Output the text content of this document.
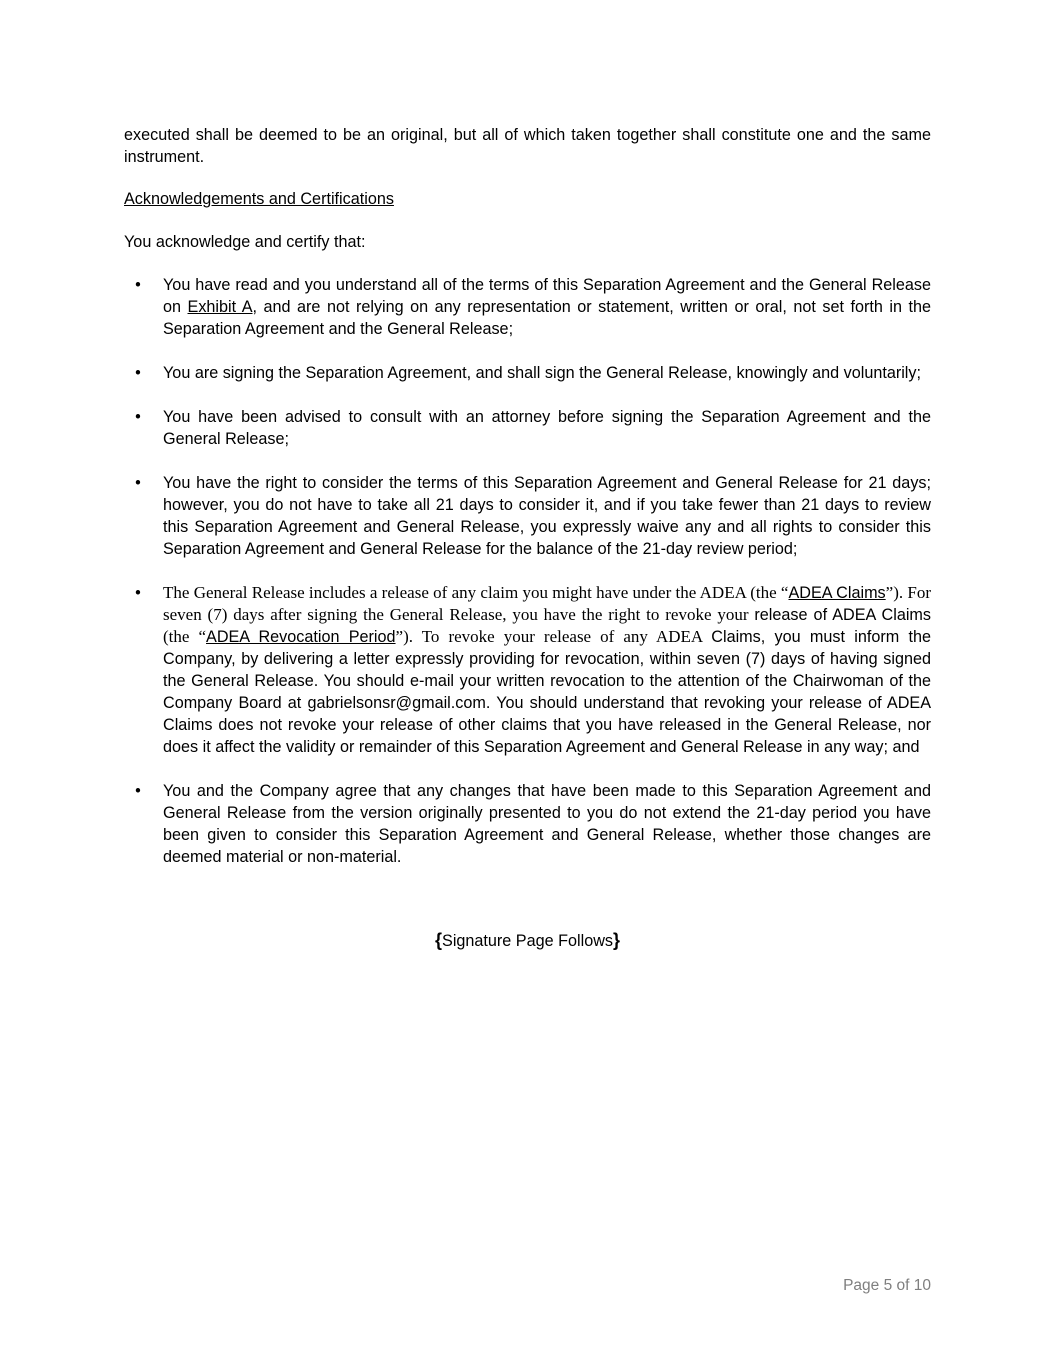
executed shall be deemed to be an original, but all of which taken together shall constitute one and the same instrument.
Acknowledgements and Certifications
You acknowledge and certify that:
• You have read and you understand all of the terms of this Separation Agreement and the General Release on Exhibit A, and are not relying on any representation or statement, written or oral, not set forth in the Separation Agreement and the General Release;
• You are signing the Separation Agreement, and shall sign the General Release, knowingly and voluntarily;
• You have been advised to consult with an attorney before signing the Separation Agreement and the General Release;
• You have the right to consider the terms of this Separation Agreement and General Release for 21 days; however, you do not have to take all 21 days to consider it, and if you take fewer than 21 days to review this Separation Agreement and General Release, you expressly waive any and all rights to consider this Separation Agreement and General Release for the balance of the 21-day review period;
• The General Release includes a release of any claim you might have under the ADEA (the “ADEA Claims”). For seven (7) days after signing the General Release, you have the right to revoke your release of ADEA Claims (the “ADEA Revocation Period”). To revoke your release of any ADEA Claims, you must inform the Company, by delivering a letter expressly providing for revocation, within seven (7) days of having signed the General Release. You should e-mail your written revocation to the attention of the Chairwoman of the Company Board at gabrielsonsr@gmail.com. You should understand that revoking your release of ADEA Claims does not revoke your release of other claims that you have released in the General Release, nor does it affect the validity or remainder of this Separation Agreement and General Release in any way; and
• You and the Company agree that any changes that have been made to this Separation Agreement and General Release from the version originally presented to you do not extend the 21-day period you have been given to consider this Separation Agreement and General Release, whether those changes are deemed material or non-material.
{Signature Page Follows}
Page 5 of 10
